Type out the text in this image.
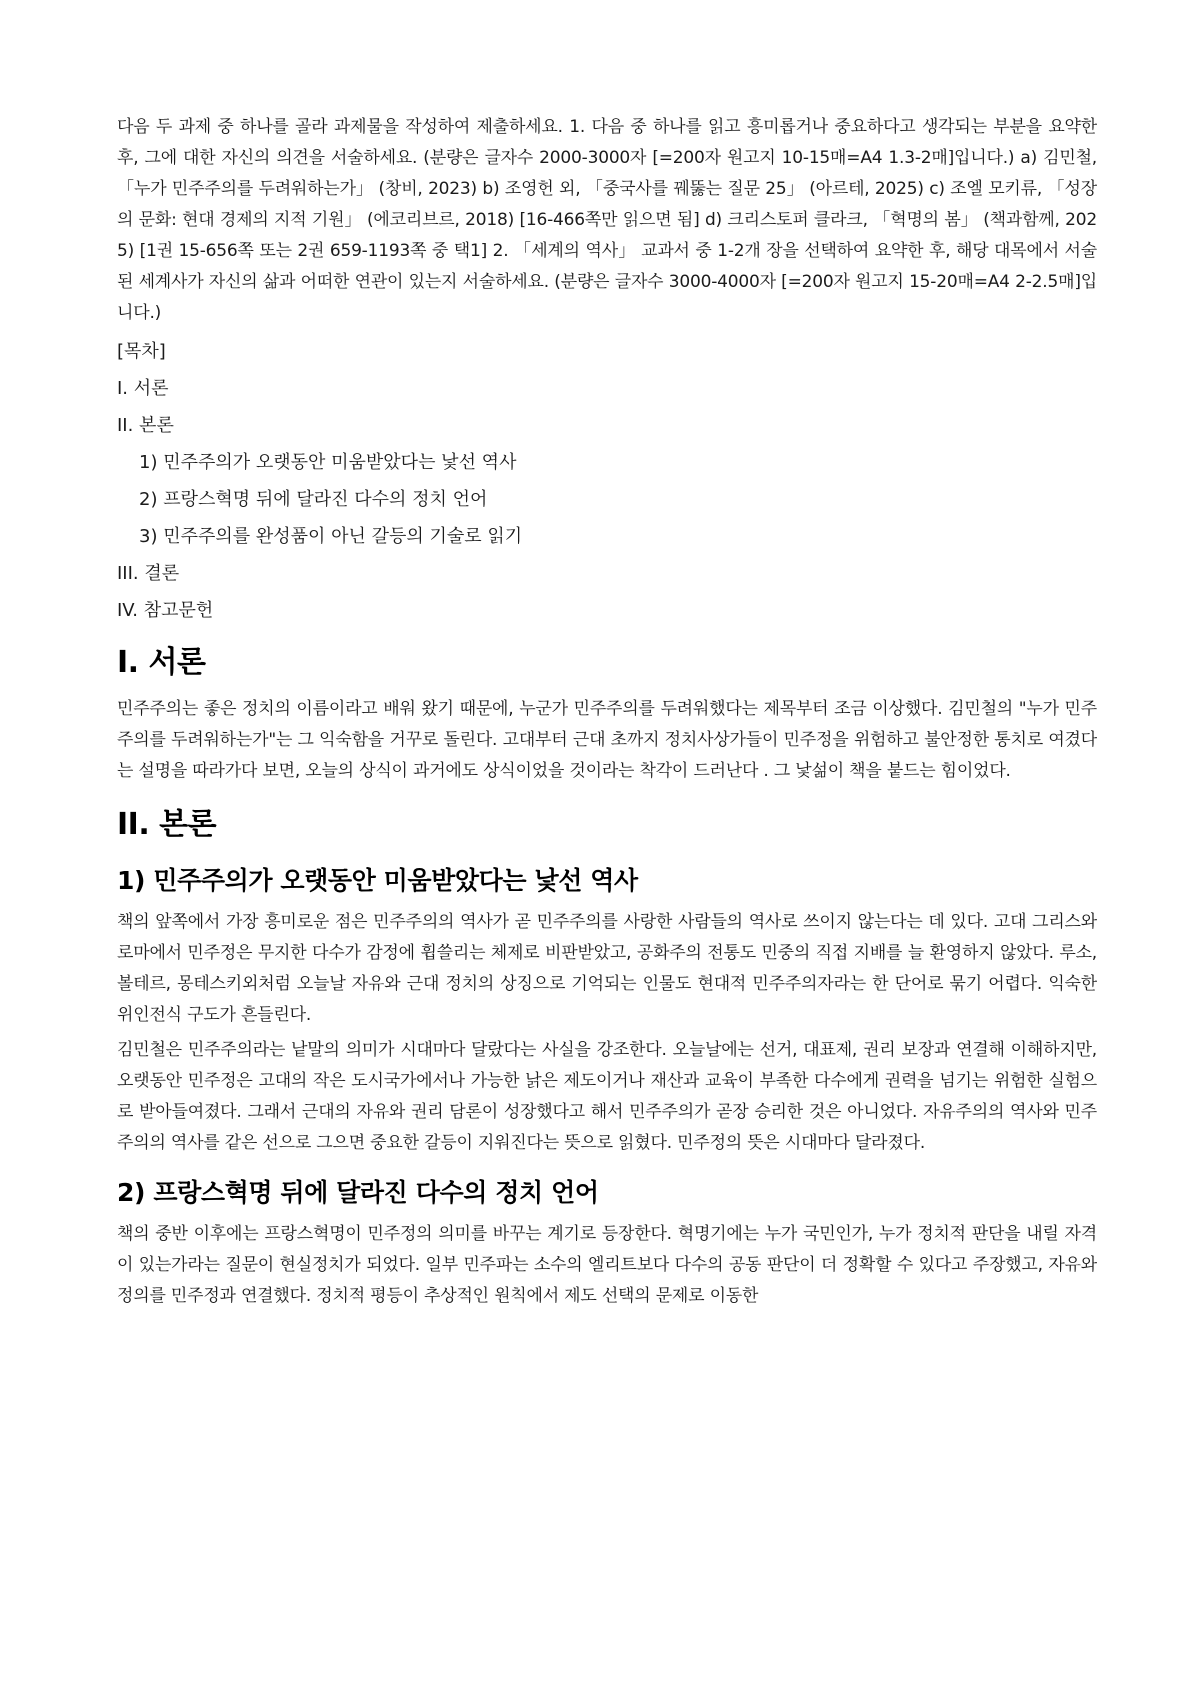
다음 두 과제 중 하나를 골라 과제물을 작성하여 제출하세요. 1. 다음 중 하나를 읽고 흥미롭거나 중요하다고 생각되는 부분을 요약한 후, 그에 대한 자신의 의견을 서술하세요. (분량은 글자수 2000-3000자 [=200자 원고지 10-15매=A4 1.3-2매]입니다.) a) 김민철, 「누가 민주주의를 두려워하는가」 (창비, 2023) b) 조영헌 외, 「중국사를 꿰뚫는 질문 25」 (아르테, 2025) c) 조엘 모키류, 「성장의 문화: 현대 경제의 지적 기원」 (에코리브르, 2018) [16-466쪽만 읽으면 됨] d) 크리스토퍼 클라크, 「혁명의 봄」 (책과함께, 2025) [1권 15-656쪽 또는 2권 659-1193쪽 중 택1] 2. 「세계의 역사」 교과서 중 1-2개 장을 선택하여 요약한 후, 해당 대목에서 서술된 세계사가 자신의 삶과 어떠한 연관이 있는지 서술하세요. (분량은 글자수 3000-4000자 [=200자 원고지 15-20매=A4 2-2.5매]입니다.)

[목차]
I. 서론
II. 본론
1) 민주주의가 오랫동안 미움받았다는 낯선 역사
2) 프랑스혁명 뒤에 달라진 다수의 정치 언어
3) 민주주의를 완성품이 아닌 갈등의 기술로 읽기
III. 결론
IV. 참고문헌
I. 서론

민주주의는 좋은 정치의 이름이라고 배워 왔기 때문에, 누군가 민주주의를 두려워했다는 제목부터 조금 이상했다. 김민철의 "누가 민주주의를 두려워하는가"는 그 익숙함을 거꾸로 돌린다. 고대부터 근대 초까지 정치사상가들이 민주정을 위험하고 불안정한 통치로 여겼다는 설명을 따라가다 보면, 오늘의 상식이 과거에도 상식이었을 것이라는 착각이 드러난다 . 그 낯섦이 책을 붙드는 힘이었다.

II. 본론
1) 민주주의가 오랫동안 미움받았다는 낯선 역사

책의 앞쪽에서 가장 흥미로운 점은 민주주의의 역사가 곧 민주주의를 사랑한 사람들의 역사로 쓰이지 않는다는 데 있다. 고대 그리스와 로마에서 민주정은 무지한 다수가 감정에 휩쓸리는 체제로 비판받았고, 공화주의 전통도 민중의 직접 지배를 늘 환영하지 않았다. 루소, 볼테르, 몽테스키외처럼 오늘날 자유와 근대 정치의 상징으로 기억되는 인물도 현대적 민주주의자라는 한 단어로 묶기 어렵다. 익숙한 위인전식 구도가 흔들린다.

김민철은 민주주의라는 낱말의 의미가 시대마다 달랐다는 사실을 강조한다. 오늘날에는 선거, 대표제, 권리 보장과 연결해 이해하지만, 오랫동안 민주정은 고대의 작은 도시국가에서나 가능한 낡은 제도이거나 재산과 교육이 부족한 다수에게 권력을 넘기는 위험한 실험으로 받아들여졌다. 그래서 근대의 자유와 권리 담론이 성장했다고 해서 민주주의가 곧장 승리한 것은 아니었다. 자유주의의 역사와 민주주의의 역사를 같은 선으로 그으면 중요한 갈등이 지워진다는 뜻으로 읽혔다. 민주정의 뜻은 시대마다 달라졌다.

2) 프랑스혁명 뒤에 달라진 다수의 정치 언어

책의 중반 이후에는 프랑스혁명이 민주정의 의미를 바꾸는 계기로 등장한다. 혁명기에는 누가 국민인가, 누가 정치적 판단을 내릴 자격이 있는가라는 질문이 현실정치가 되었다. 일부 민주파는 소수의 엘리트보다 다수의 공동 판단이 더 정확할 수 있다고 주장했고, 자유와 정의를 민주정과 연결했다. 정치적 평등이 추상적인 원칙에서 제도 선택의 문제로 이동한
